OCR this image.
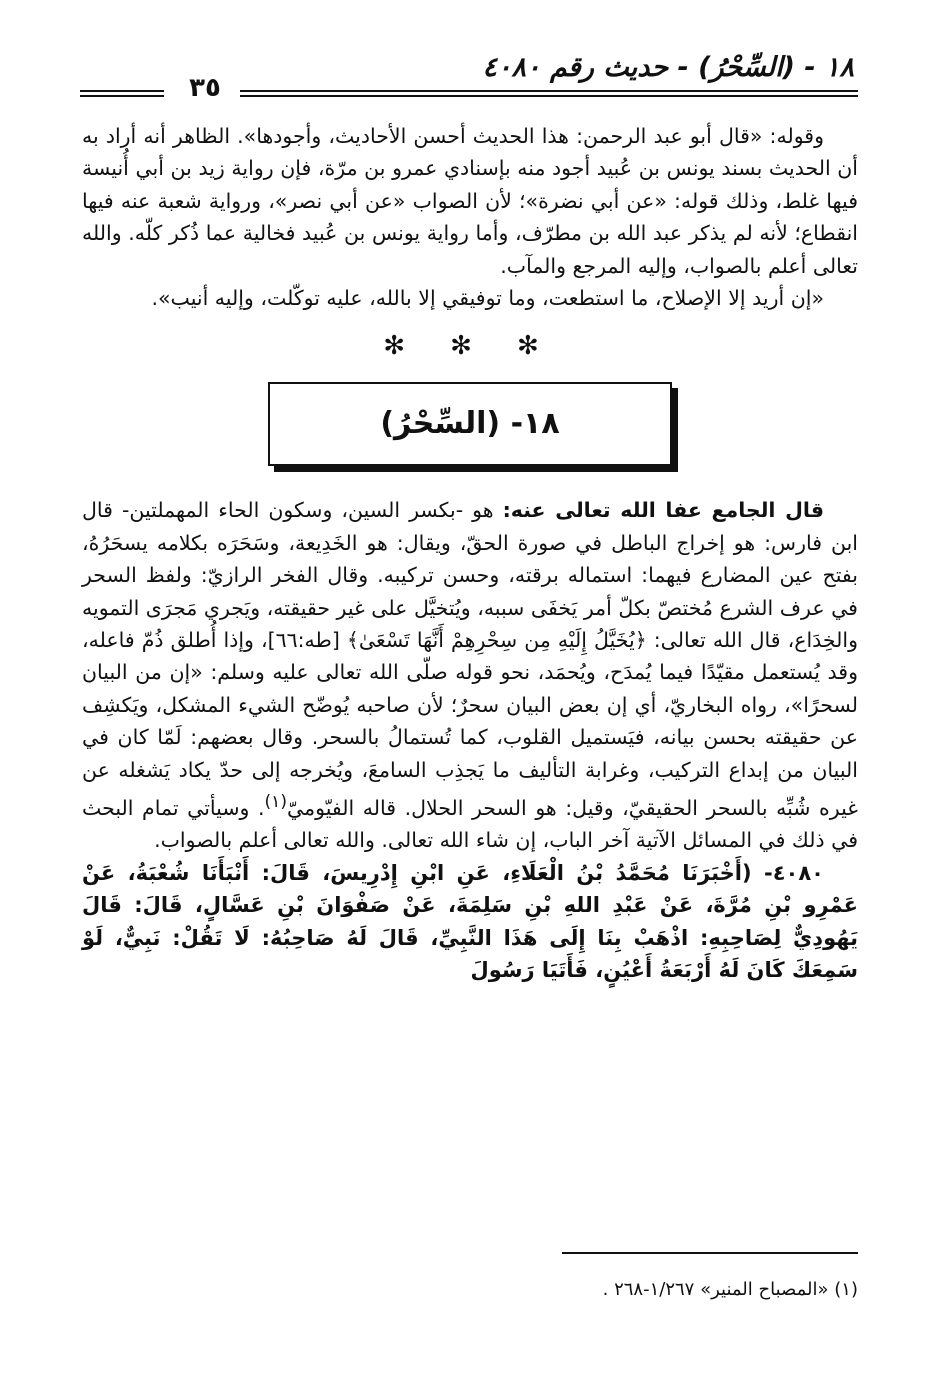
١٨ - (السِّحْرُ) - حديث رقم ٤٠٨٠
٣٥

وقوله: «قال أبو عبد الرحمن: هذا الحديث أحسن الأحاديث، وأجودها». الظاهر أنه أراد به أن الحديث بسند يونس بن عُبيد أجود منه بإسنادي عمرو بن مرّة، فإن رواية زيد بن أبي أُنيسة فيها غلط، وذلك قوله: «عن أبي نضرة»؛ لأن الصواب «عن أبي نصر»، ورواية شعبة عنه فيها انقطاع؛ لأنه لم يذكر عبد الله بن مطرّف، وأما رواية يونس بن عُبيد فخالية عما ذُكر كلّه. والله تعالى أعلم بالصواب، وإليه المرجع والمآب.

«إن أريد إلا الإصلاح، ما استطعت، وما توفيقي إلا بالله، عليه توكّلت، وإليه أنيب».

✻ ✻ ✻
١٨- (السِّحْرُ)

قال الجامع عفا الله تعالى عنه: هو -بكسر السين، وسكون الحاء المهملتين- قال ابن فارس: هو إخراج الباطل في صورة الحقّ، ويقال: هو الخَدِيعة، وسَحَرَه بكلامه يسحَرُهُ، بفتح عين المضارع فيهما: استماله برقته، وحسن تركيبه. وقال الفخر الرازيّ: ولفظ السحر في عرف الشرع مُختصّ بكلّ أمر يَخفَى سببه، ويُتخيَّل على غير حقيقته، ويَجري مَجرَى التمويه والخِدَاع، قال الله تعالى: ﴿يُخَيَّلُ إِلَيْهِ مِن سِحْرِهِمْ أَنَّهَا تَسْعَىٰ﴾ [طه:٦٦]، وإذا أُطلق ذُمّ فاعله، وقد يُستعمل مقيّدًا فيما يُمدَح، ويُحمَد، نحو قوله صلّى الله تعالى عليه وسلم: «إن من البيان لسحرًا»، رواه البخاريّ، أي إن بعض البيان سحرٌ؛ لأن صاحبه يُوضّح الشيء المشكل، ويَكشِف عن حقيقته بحسن بيانه، فيَستميل القلوب، كما تُستمالُ بالسحر. وقال بعضهم: لَمّا كان في البيان من إبداع التركيب، وغرابة التأليف ما يَجذِب السامعَ، ويُخرجه إلى حدّ يكاد يَشغله عن غيره شُبِّه بالسحر الحقيقيّ، وقيل: هو السحر الحلال. قاله الفيّوميّ$^{(١)}$. وسيأتي تمام البحث في ذلك في المسائل الآتية آخر الباب، إن شاء الله تعالى. والله تعالى أعلم بالصواب.

٤٠٨٠- (أَخْبَرَنَا مُحَمَّدُ بْنُ الْعَلَاءِ، عَنِ ابْنِ إِدْرِيسَ، قَالَ: أَنْبَأَنَا شُعْبَةُ، عَنْ عَمْرِو بْنِ مُرَّةَ، عَنْ عَبْدِ اللهِ بْنِ سَلِمَةَ، عَنْ صَفْوَانَ بْنِ عَسَّالٍ، قَالَ: قَالَ يَهُودِيٌّ لِصَاحِبِهِ: اذْهَبْ بِنَا إِلَى هَذَا النَّبِيِّ، قَالَ لَهُ صَاحِبُهُ: لَا تَقُلْ: نَبِيٌّ، لَوْ سَمِعَكَ كَانَ لَهُ أَرْبَعَةُ أَعْيُنٍ، فَأَتَيَا رَسُولَ

(١) «المصباح المنير» ١/٢٦٧-٢٦٨ .
